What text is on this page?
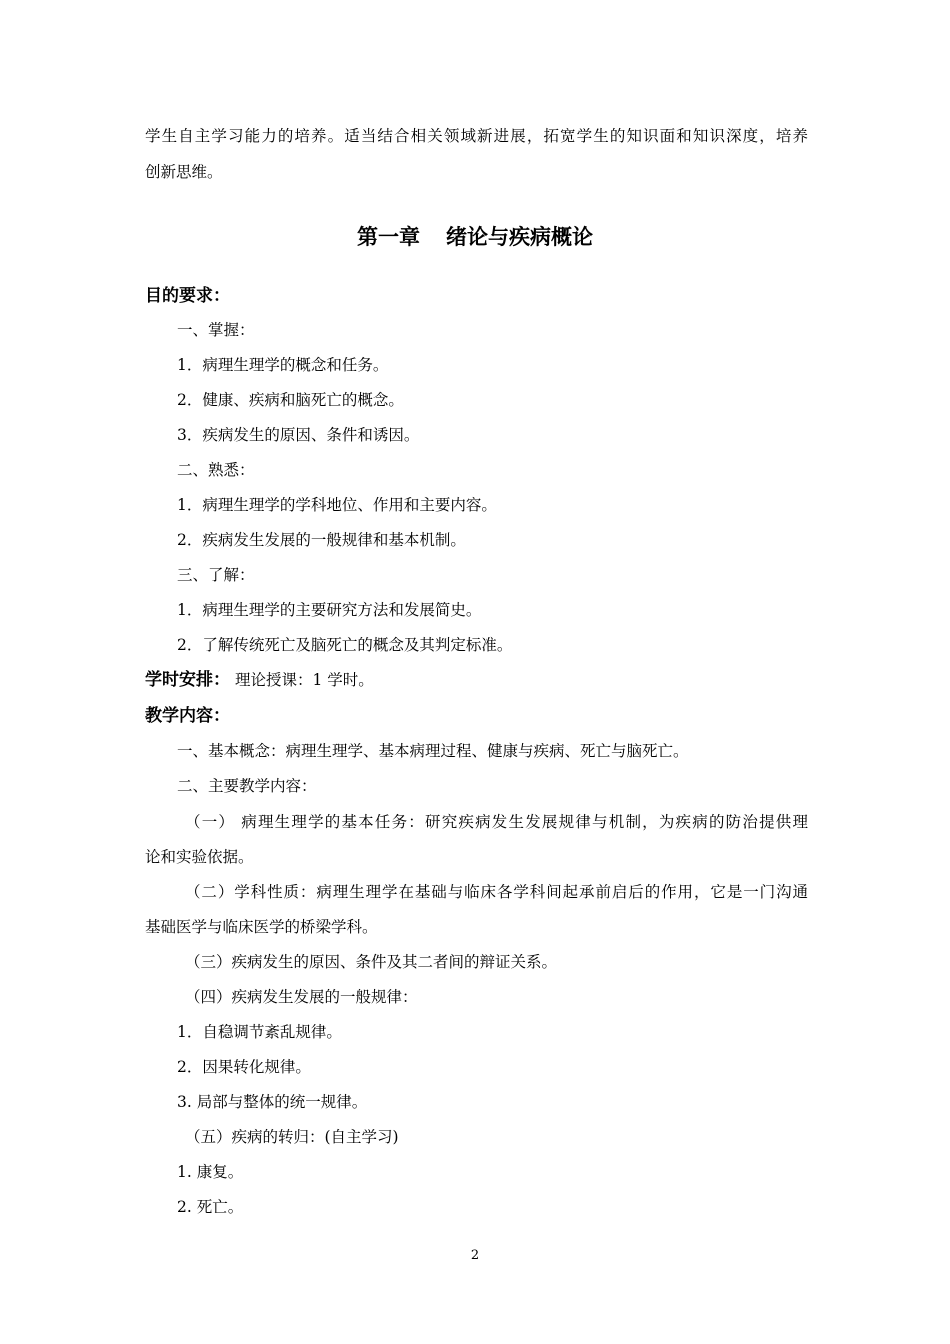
学生自主学习能力的培养。适当结合相关领域新进展，拓宽学生的知识面和知识深度，培养
创新思维。
第一章 绪论与疾病概论
目的要求：
一、掌握：
1．病理生理学的概念和任务。
2．健康、疾病和脑死亡的概念。
3．疾病发生的原因、条件和诱因。
二、熟悉：
1．病理生理学的学科地位、作用和主要内容。
2．疾病发生发展的一般规律和基本机制。
三、了解：
1．病理生理学的主要研究方法和发展简史。
2．了解传统死亡及脑死亡的概念及其判定标准。
学时安排： 理论授课：1 学时。
教学内容：
一、基本概念：病理生理学、基本病理过程、健康与疾病、死亡与脑死亡。
二、主要教学内容：
（一） 病理生理学的基本任务：研究疾病发生发展规律与机制，为疾病的防治提供理
论和实验依据。
（二）学科性质：病理生理学在基础与临床各学科间起承前启后的作用，它是一门沟通
基础医学与临床医学的桥梁学科。
（三）疾病发生的原因、条件及其二者间的辩证关系。
（四）疾病发生发展的一般规律：
1．自稳调节紊乱规律。
2．因果转化规律。
3. 局部与整体的统一规律。
（五）疾病的转归：(自主学习)
1. 康复。
2. 死亡。
2
